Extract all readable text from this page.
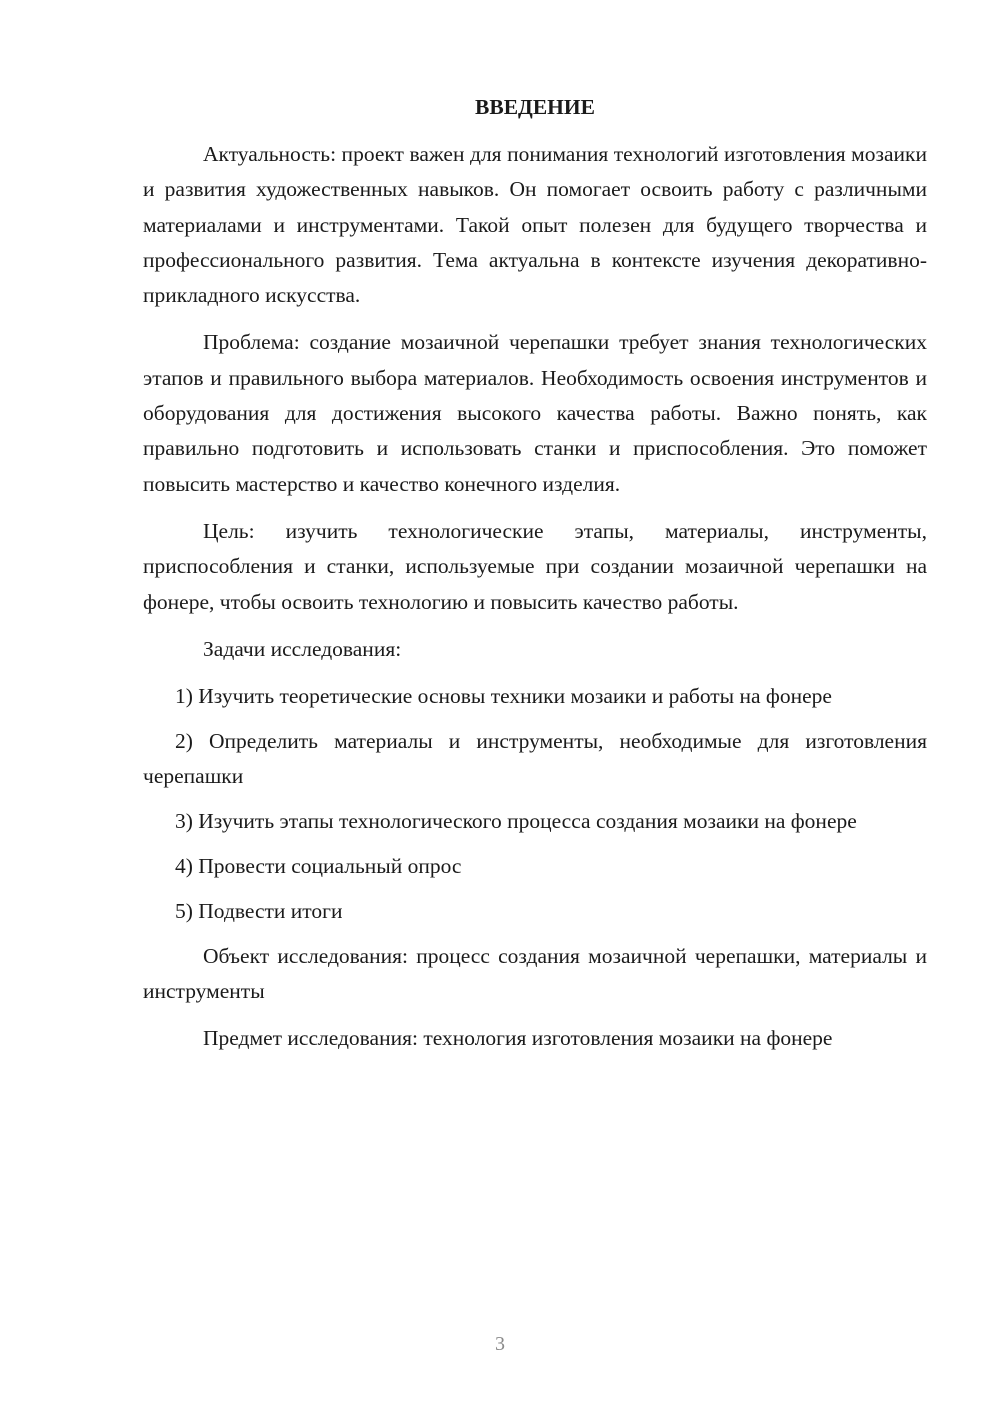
ВВЕДЕНИЕ

Актуальность: проект важен для понимания технологий изготовления мозаики и развития художественных навыков. Он помогает освоить работу с различными материалами и инструментами. Такой опыт полезен для будущего творчества и профессионального развития. Тема актуальна в контексте изучения декоративно-прикладного искусства.

Проблема: создание мозаичной черепашки требует знания технологических этапов и правильного выбора материалов. Необходимость освоения инструментов и оборудования для достижения высокого качества работы. Важно понять, как правильно подготовить и использовать станки и приспособления. Это поможет повысить мастерство и качество конечного изделия.

Цель: изучить технологические этапы, материалы, инструменты, приспособления и станки, используемые при создании мозаичной черепашки на фонере, чтобы освоить технологию и повысить качество работы.

Задачи исследования:

1) Изучить теоретические основы техники мозаики и работы на фонере

2) Определить материалы и инструменты, необходимые для изготовления черепашки

3) Изучить этапы технологического процесса создания мозаики на фонере

4) Провести социальный опрос

5) Подвести итоги

Объект исследования: процесс создания мозаичной черепашки, материалы и инструменты

Предмет исследования: технология изготовления мозаики на фонере

3
